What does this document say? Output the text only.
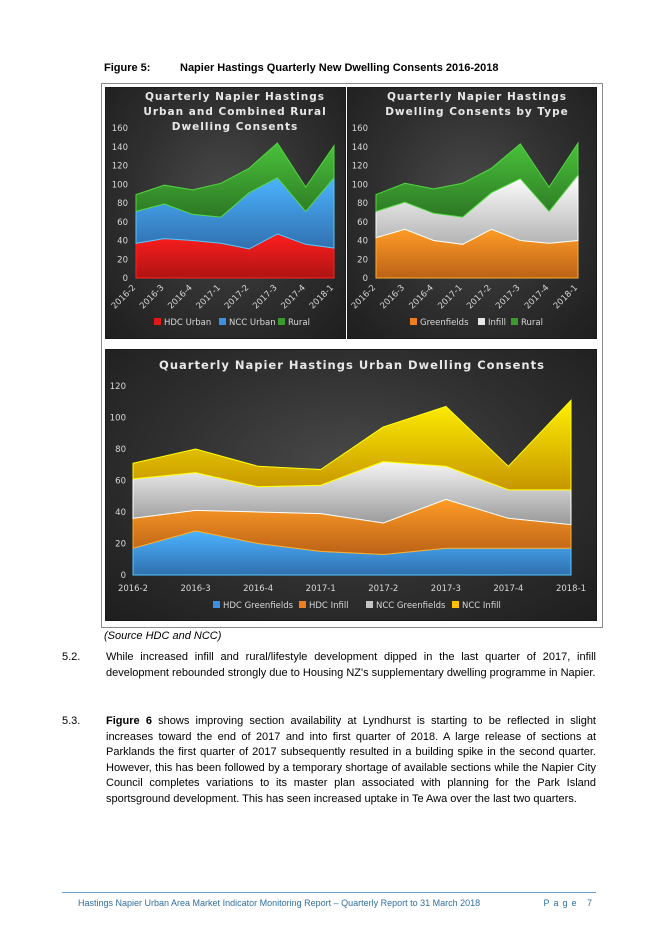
Figure 5:	Napier Hastings Quarterly New Dwelling Consents 2016-2018
Quarterly Napier Hastings
Urban and Combined Rural
Dwelling Consents
0
20
40
60
80
100
120
140
160
2016-2 2016-3 2016-4 2017-1 2017-2 2017-3 2017-4 2018-1
HDC Urban NCC Urban Rural
Quarterly Napier Hastings
Dwelling Consents by Type
0
20
40
60
80
100
120
140
160
2016-2 2016-3 2016-4 2017-1 2017-2 2017-3 2017-4 2018-1
Greenfields Infill Rural
Quarterly Napier Hastings Urban Dwelling Consents
0
20
40
60
80
100
120
2016-2	2016-3	2016-4	2017-1	2017-2	2017-3	2017-4	2018-1
HDC Greenfields HDC Infill	NCC Greenfields NCC Infill
(Source HDC and NCC)
5.2. While increased infill and rural/lifestyle development dipped in the last quarter of 2017, infill development rebounded strongly due to Housing NZ's supplementary dwelling programme in Napier.
5.3. Figure 6 shows improving section availability at Lyndhurst is starting to be reflected in slight increases toward the end of 2017 and into first quarter of 2018. A large release of sections at Parklands the first quarter of 2017 subsequently resulted in a building spike in the second quarter. However, this has been followed by a temporary shortage of available sections while the Napier City Council completes variations to its master plan associated with planning for the Park Island sportsground development. This has seen increased uptake in Te Awa over the last two quarters.
Hastings Napier Urban Area Market Indicator Monitoring Report – Quarterly Report to 31 March 2018	Page 7
